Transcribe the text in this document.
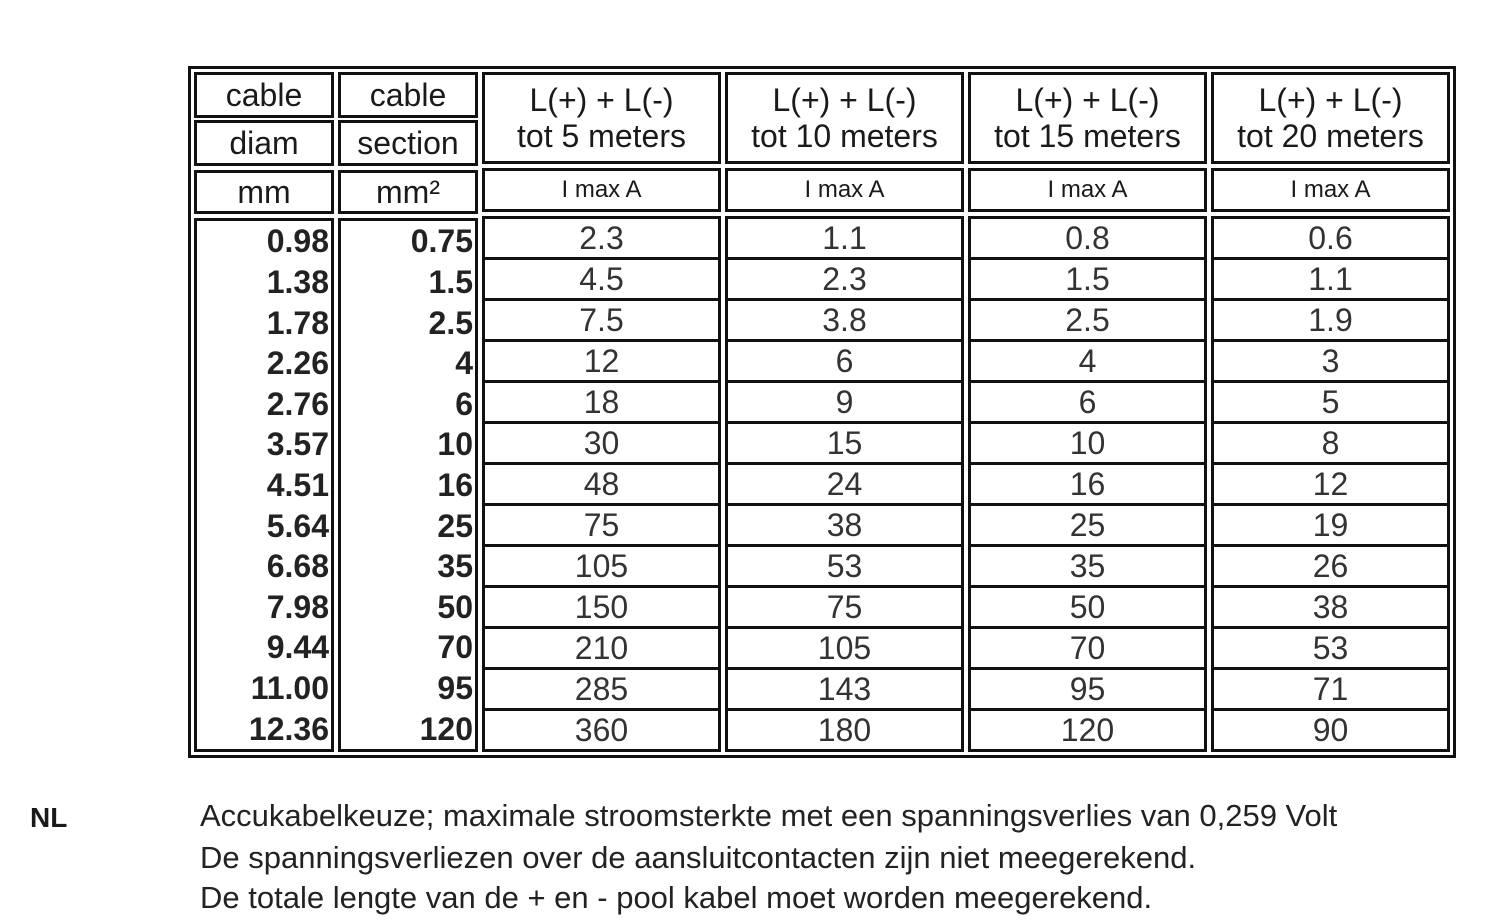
cable
diam
mm
0.98
1.38
1.78
2.26
2.76
3.57
4.51
5.64
6.68
7.98
9.44
11.00
12.36
cable
section
mm²
0.75
1.5
2.5
4
6
10
16
25
35
50
70
95
120
L(+) + L(-)
tot 5 meters
I max A
2.3
4.5
7.5
12
18
30
48
75
105
150
210
285
360
L(+) + L(-)
tot 10 meters
I max A
1.1
2.3
3.8
6
9
15
24
38
53
75
105
143
180
L(+) + L(-)
tot 15 meters
I max A
0.8
1.5
2.5
4
6
10
16
25
35
50
70
95
120
L(+) + L(-)
tot 20 meters
I max A
0.6
1.1
1.9
3
5
8
12
19
26
38
53
71
90
NL	Accukabelkeuze; maximale stroomsterkte met een spanningsverlies van 0,259 Volt
De spanningsverliezen over de aansluitcontacten zijn niet meegerekend.
De totale lengte van de + en - pool kabel moet worden meegerekend.
